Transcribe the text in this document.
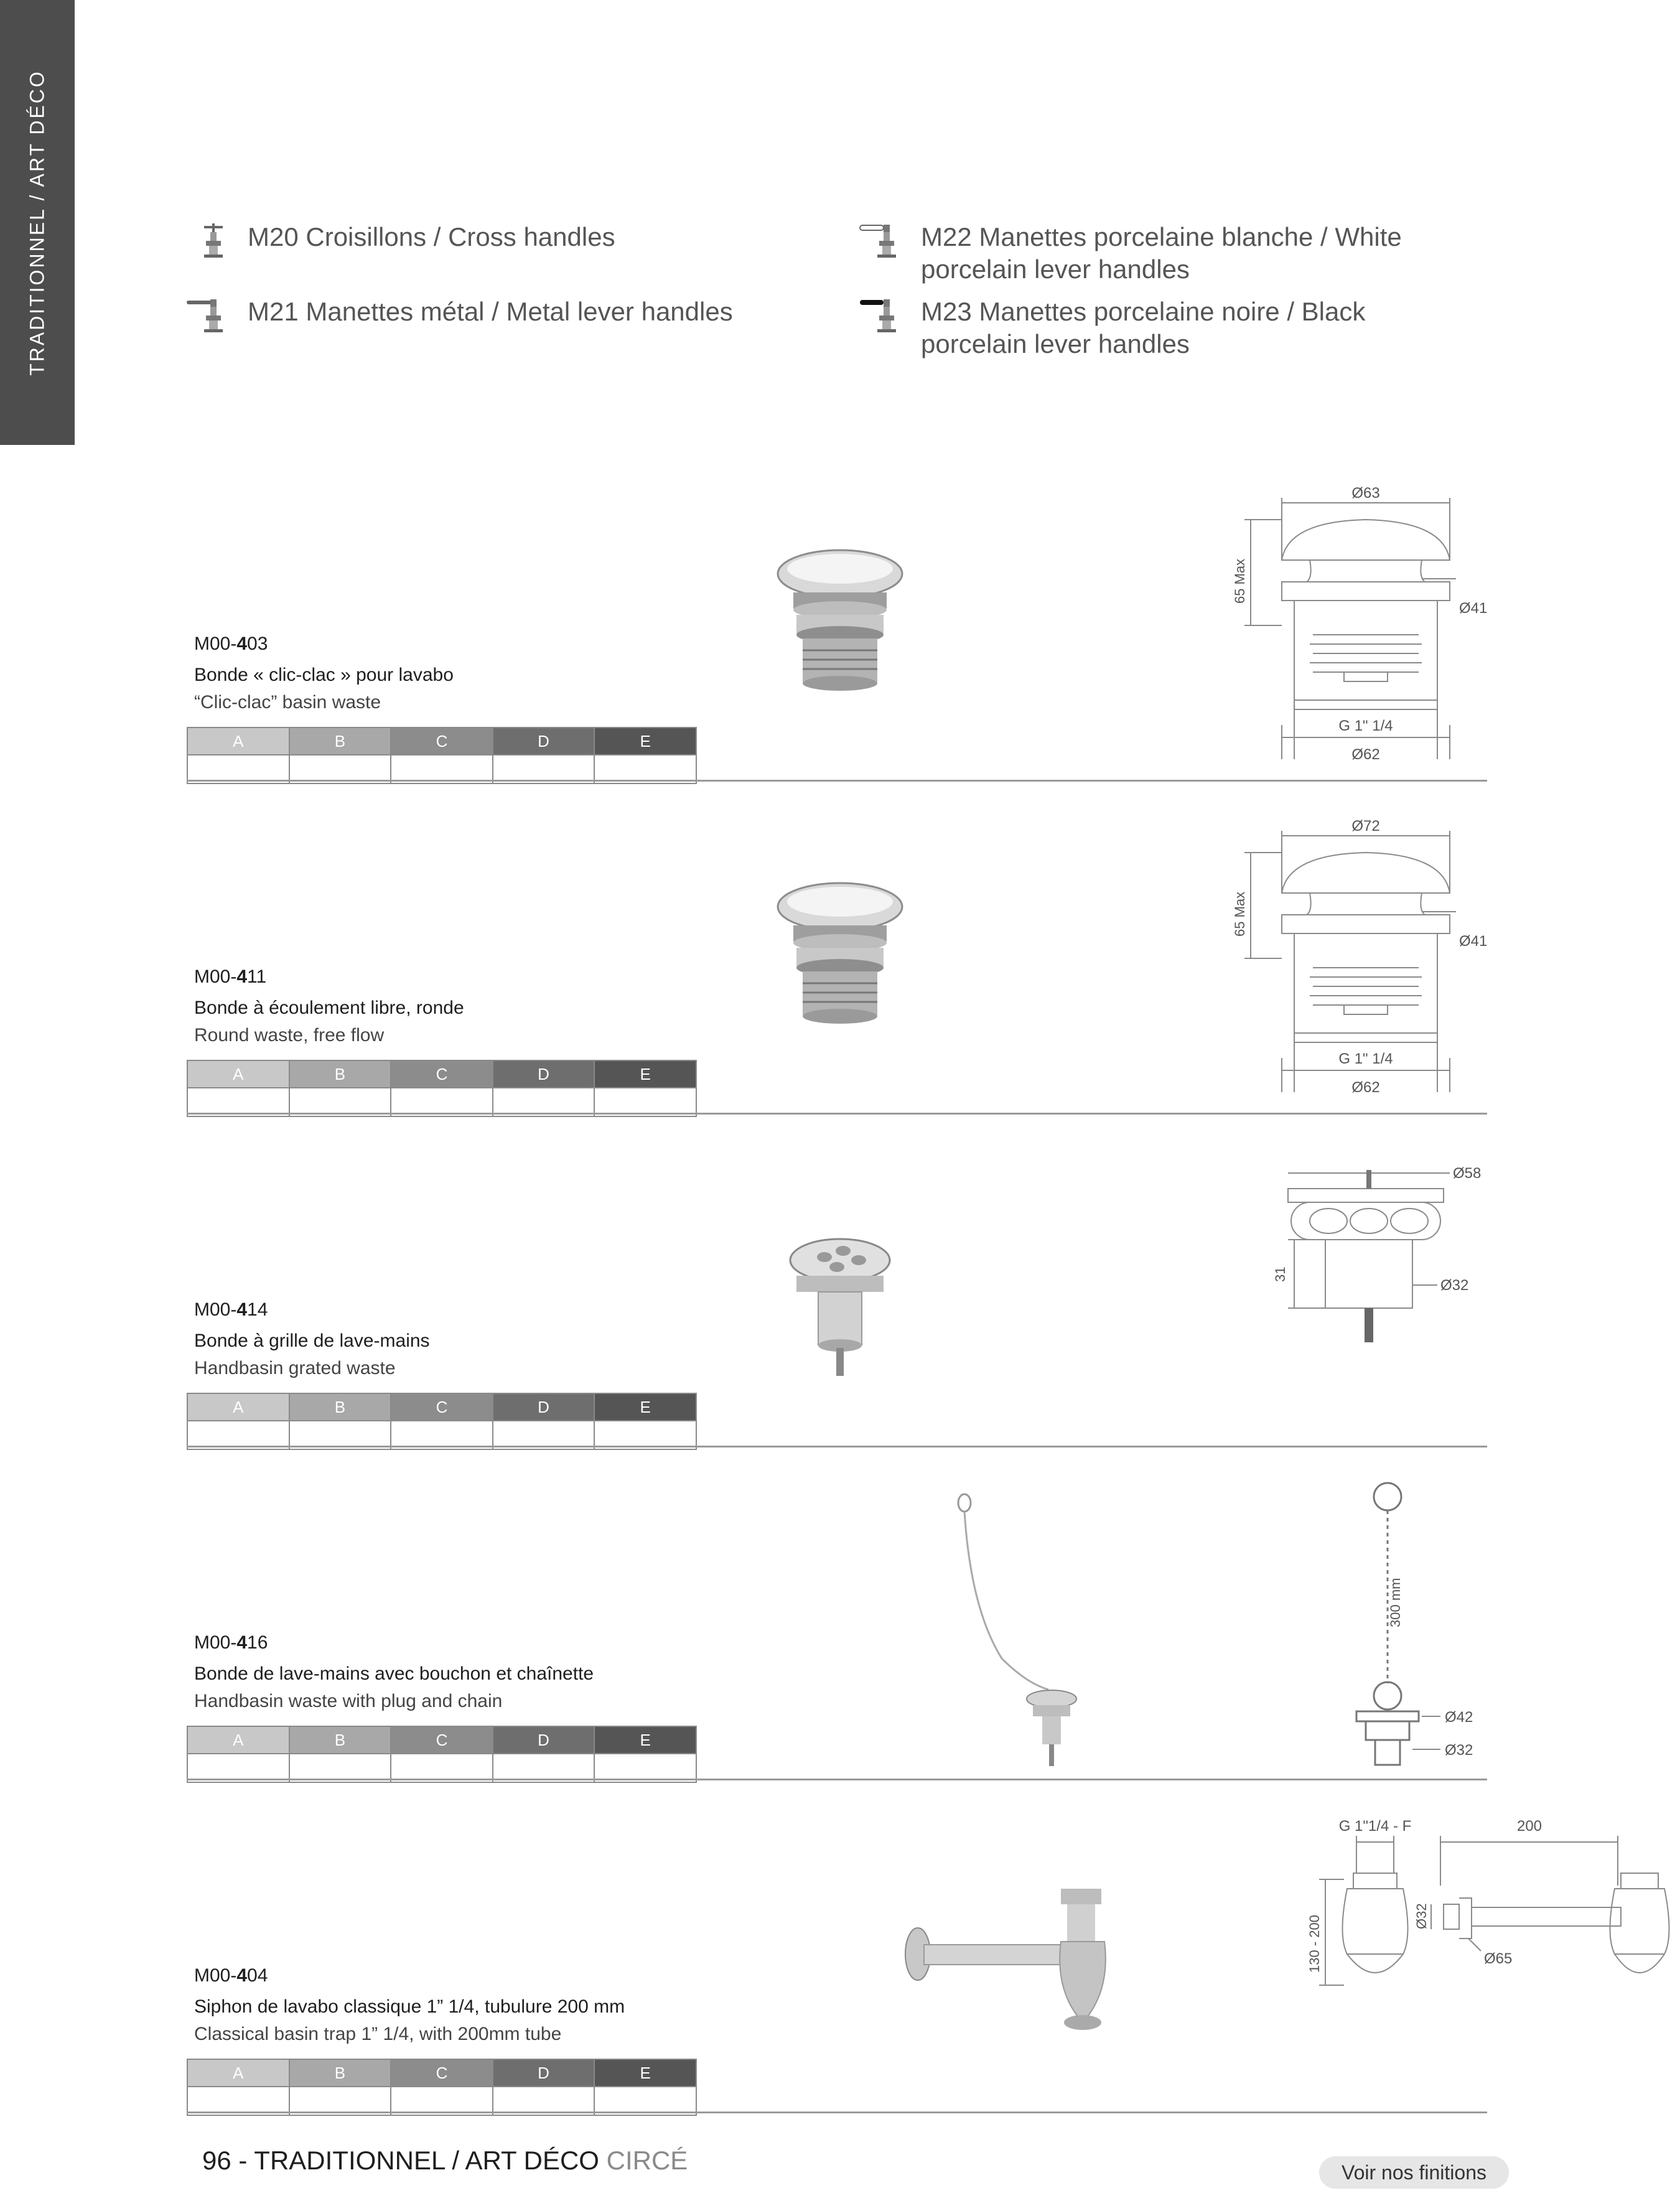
TRADITIONNEL / ART DÉCO	M20 Croisillons / Cross handles
M21 Manettes métal / Metal lever handles
M22 Manettes porcelaine blanche / White
porcelain lever handles
M23 Manettes porcelaine noire / Black
porcelain lever handles
M00-403
Bonde « clic-clac » pour lavabo
“Clic-clac” basin waste
A	B	C	D	E

Ø63
Ø41
65 Max
G 1" 1/4
Ø62
M00-411
Bonde à écoulement libre, ronde
Round waste, free flow
A	B	C	D	E

Ø72
Ø41
65 Max
G 1" 1/4
Ø62
M00-414
Bonde à grille de lave-mains
Handbasin grated waste
A	B	C	D	E

Ø58
Ø32
31
M00-416
Bonde de lave-mains avec bouchon et chaînette
Handbasin waste with plug and chain
A	B	C	D	E

300 mm
Ø42
Ø32
M00-404
Siphon de lavabo classique 1” 1/4, tubulure 200 mm
Classical basin trap 1” 1/4, with 200mm tube
A	B	C	D	E

G 1"1/4 - F
130 - 200
200
Ø32
Ø65
96 - TRADITIONNEL / ART DÉCO CIRCÉ	Voir nos finitions
